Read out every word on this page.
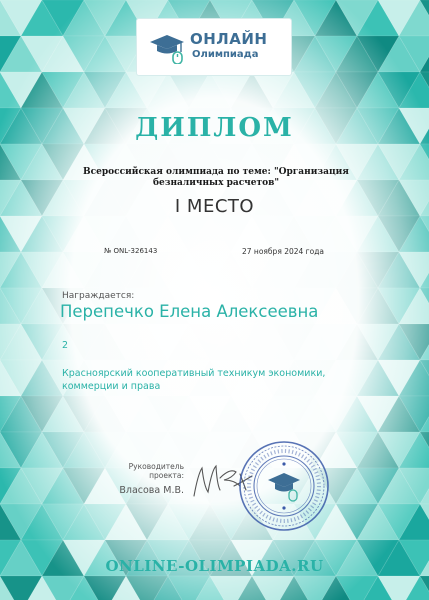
ОНЛАЙН
Олимпиада
ДИПЛОМ
Всероссийская олимпиада по теме: "Организация безналичных расчетов"
I МЕСТО
№ ONL-326143	27 ноября 2024 года
Награждается:
Перепечко Елена Алексеевна
2
Красноярский кооперативный техникум экономики, коммерции и права
Руководитель проекта:
Власова М.В.
ONLINE-OLIMPIADA.RU
